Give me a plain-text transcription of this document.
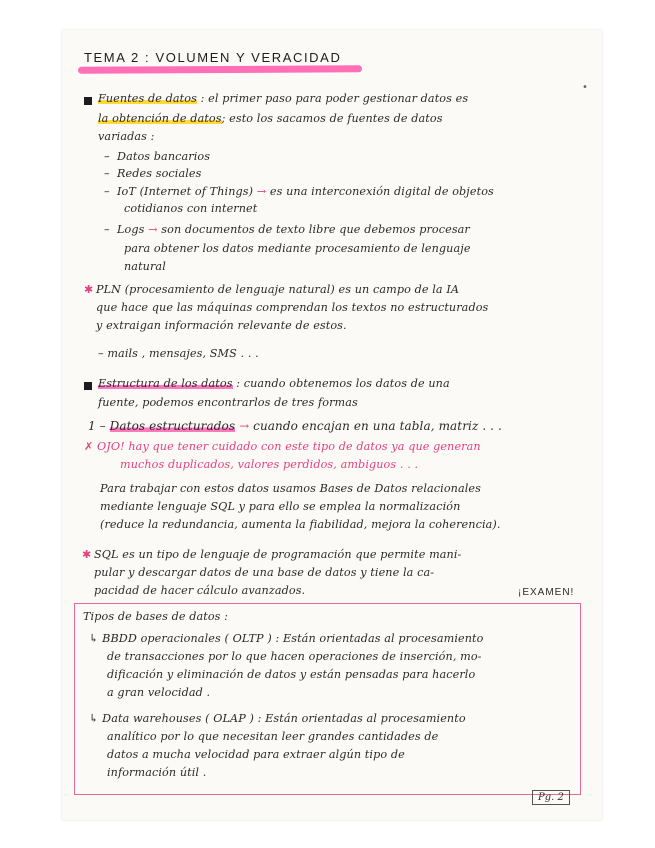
•
TEMA 2 : VOLUMEN Y VERACIDAD
Fuentes de datos : el primer paso para poder gestionar datos es
la obtención de datos; esto los sacamos de fuentes de datos
variadas :
–  Datos bancarios
–  Redes sociales
–  IoT (Internet of Things) → es una interconexión digital de objetos
cotidianos con internet
–  Logs → son documentos de texto libre que debemos procesar
para obtener los datos mediante procesamiento de lenguaje
natural
✱ PLN (procesamiento de lenguaje natural) es un campo de la IA
que hace que las máquinas comprendan los textos no estructurados
y extraigan información relevante de estos.
– mails , mensajes, SMS . . .
Estructura de los datos : cuando obtenemos los datos de una
fuente, podemos encontrarlos de tres formas
1 – Datos estructurados → cuando encajan en una tabla, matriz . . .
✗ OJO! hay que tener cuidado con este tipo de datos ya que generan
muchos duplicados, valores perdidos, ambiguos . . .
Para trabajar con estos datos usamos Bases de Datos relacionales
mediante lenguaje SQL y para ello se emplea la normalización
(reduce la redundancia, aumenta la fiabilidad, mejora la coherencia).
✱ SQL es un tipo de lenguaje de programación que permite mani-
pular y descargar datos de una base de datos y tiene la ca-
pacidad de hacer cálculo avanzados.	¡EXAMEN!
Tipos de bases de datos :
↳ BBDD operacionales ( OLTP ) : Están orientadas al procesamiento
de transacciones por lo que hacen operaciones de inserción, mo-
dificación y eliminación de datos y están pensadas para hacerlo
a gran velocidad .
↳ Data warehouses ( OLAP ) : Están orientadas al procesamiento
analítico por lo que necesitan leer grandes cantidades de
datos a mucha velocidad para extraer algún tipo de
información útil .
Pg. 2
